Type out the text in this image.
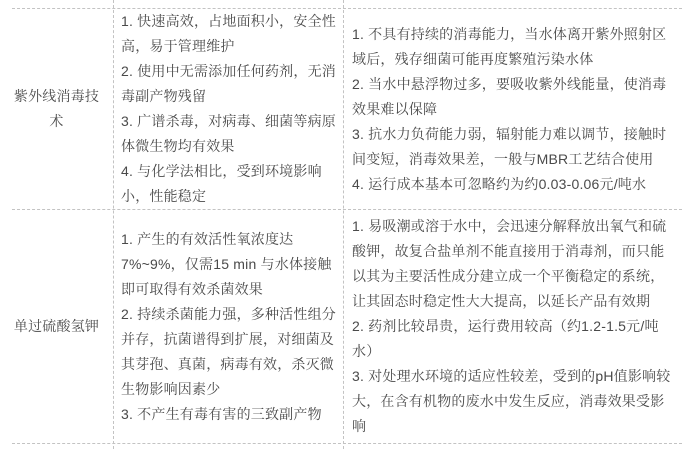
紫外线消毒技术

1. 快速高效，占地面积小，安全性高，易于管理维护

2. 使用中无需添加任何药剂，无消毒副产物残留

3. 广谱杀毒，对病毒、细菌等病原体微生物均有效果

4. 与化学法相比，受到环境影响小，性能稳定

1. 不具有持续的消毒能力，当水体离开紫外照射区域后，残存细菌可能再度繁殖污染水体

2. 当水中悬浮物过多，要吸收紫外线能量，使消毒效果难以保障

3. 抗水力负荷能力弱，辐射能力难以调节，接触时间变短，消毒效果差，一般与MBR工艺结合使用

4. 运行成本基本可忽略约为约0.03-0.06元/吨水

单过硫酸氢钾

1. 产生的有效活性氧浓度达7%~9%，仅需15 min 与水体接触即可取得有效杀菌效果

2. 持续杀菌能力强，多种活性组分并存，抗菌谱得到扩展，对细菌及其芽孢、真菌，病毒有效，杀灭微生物影响因素少

3. 不产生有毒有害的三致副产物

1. 易吸潮或溶于水中，会迅速分解释放出氧气和硫酸钾，故复合盐单剂不能直接用于消毒剂，而只能以其为主要活性成分建立成一个平衡稳定的系统，让其固态时稳定性大大提高，以延长产品有效期

2. 药剂比较昂贵，运行费用较高（约1.2-1.5元/吨水）

3. 对处理水环境的适应性较差，受到的pH值影响较大，在含有机物的废水中发生反应，消毒效果受影响
